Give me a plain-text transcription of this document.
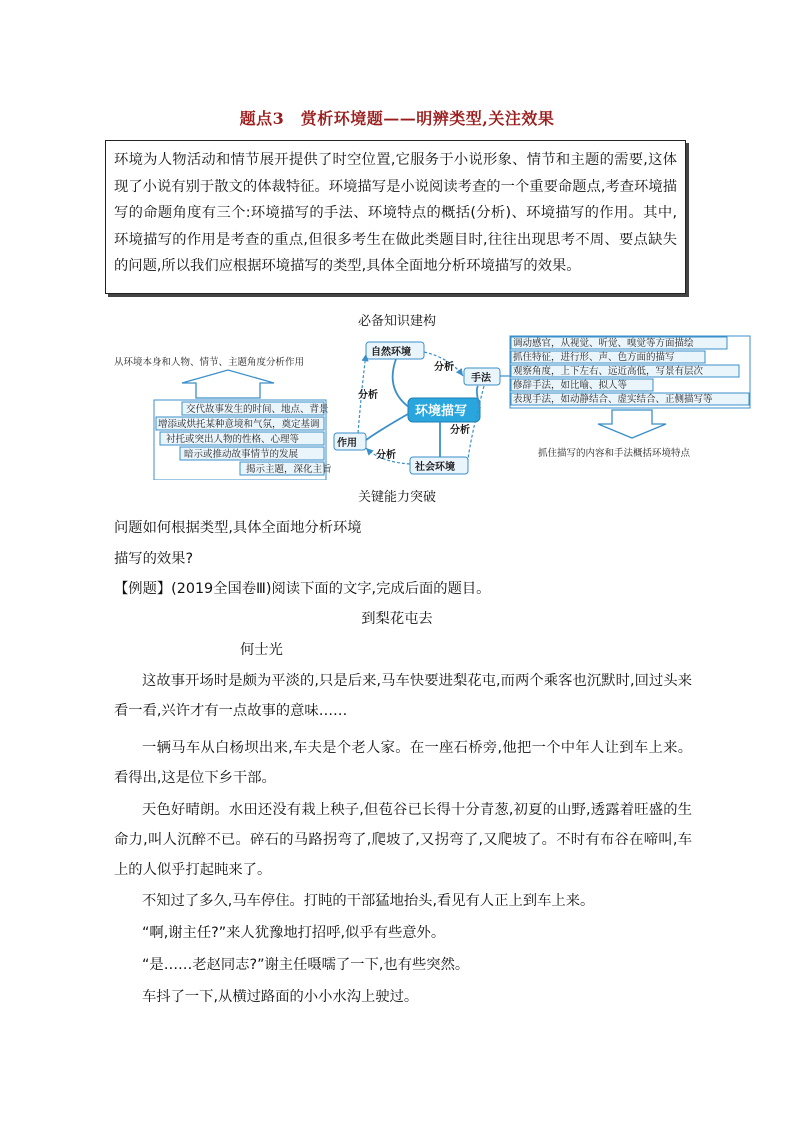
题点3　赏析环境题——明辨类型,关注效果
环境为人物活动和情节展开提供了时空位置,它服务于小说形象、情节和主题的需要,这体现了小说有别于散文的体裁特征。环境描写是小说阅读考查的一个重要命题点,考查环境描写的命题角度有三个:环境描写的手法、环境特点的概括(分析)、环境描写的作用。其中,环境描写的作用是考查的重点,但很多考生在做此类题目时,往往出现思考不周、要点缺失的问题,所以我们应根据环境描写的类型,具体全面地分析环境描写的效果。
必备知识建构
从环境本身和人物、情节、主题角度分析作用
交代故事发生的时间、地点、背景
增添或烘托某种意境和气氛，奠定基调
衬托或突出人物的性格、心理等
暗示或推动故事情节的发展
揭示主题，深化主旨
自然环境
手法
环境描写
作用
社会环境
分析
分析
分析
分析
调动感官，从视觉、听觉、嗅觉等方面描绘
抓住特征，进行形、声、色方面的描写
观察角度，上下左右、远近高低，写景有层次
修辞手法，如比喻、拟人等
表现手法，如动静结合、虚实结合、正侧描写等
抓住描写的内容和手法概括环境特点
关键能力突破
问题如何根据类型,具体全面地分析环境
描写的效果?
【例题】(2019全国卷Ⅲ)阅读下面的文字,完成后面的题目。
到梨花屯去
何士光
这故事开场时是颇为平淡的,只是后来,马车快要进梨花屯,而两个乘客也沉默时,回过头来看一看,兴许才有一点故事的意味……
一辆马车从白杨坝出来,车夫是个老人家。在一座石桥旁,他把一个中年人让到车上来。看得出,这是位下乡干部。
天色好晴朗。水田还没有栽上秧子,但苞谷已长得十分青葱,初夏的山野,透露着旺盛的生命力,叫人沉醉不已。碎石的马路拐弯了,爬坡了,又拐弯了,又爬坡了。不时有布谷在啼叫,车上的人似乎打起盹来了。
不知过了多久,马车停住。打盹的干部猛地抬头,看见有人正上到车上来。
“啊,谢主任?”来人犹豫地打招呼,似乎有些意外。
“是……老赵同志?”谢主任嗫嚅了一下,也有些突然。
车抖了一下,从横过路面的小小水沟上驶过。
